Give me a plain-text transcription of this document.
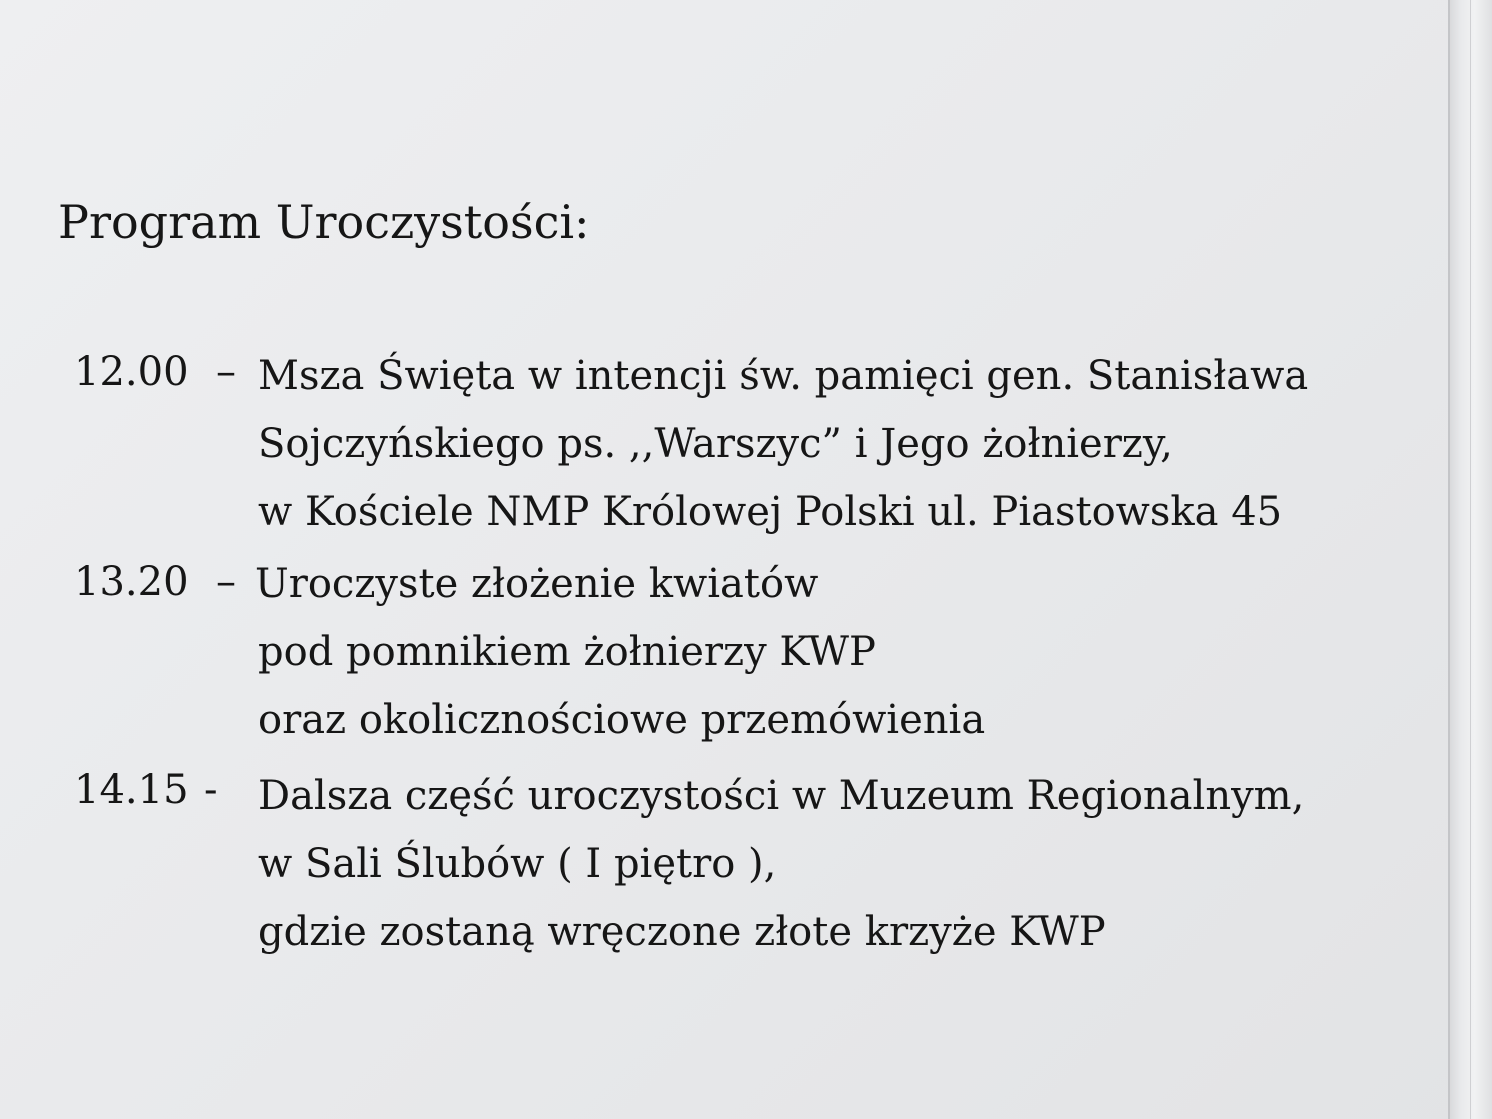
Program Uroczystości:
12.00 – Msza Święta w intencji św. pamięci gen. Stanisława
Sojczyńskiego ps. ,,Warszyc” i Jego żołnierzy,
w Kościele NMP Królowej Polski ul. Piastowska 45
13.20 – Uroczyste złożenie kwiatów
pod pomnikiem żołnierzy KWP
oraz okolicznościowe przemówienia
14.15 - Dalsza część uroczystości w Muzeum Regionalnym,
w Sali Ślubów ( I piętro ),
gdzie zostaną wręczone złote krzyże KWP
